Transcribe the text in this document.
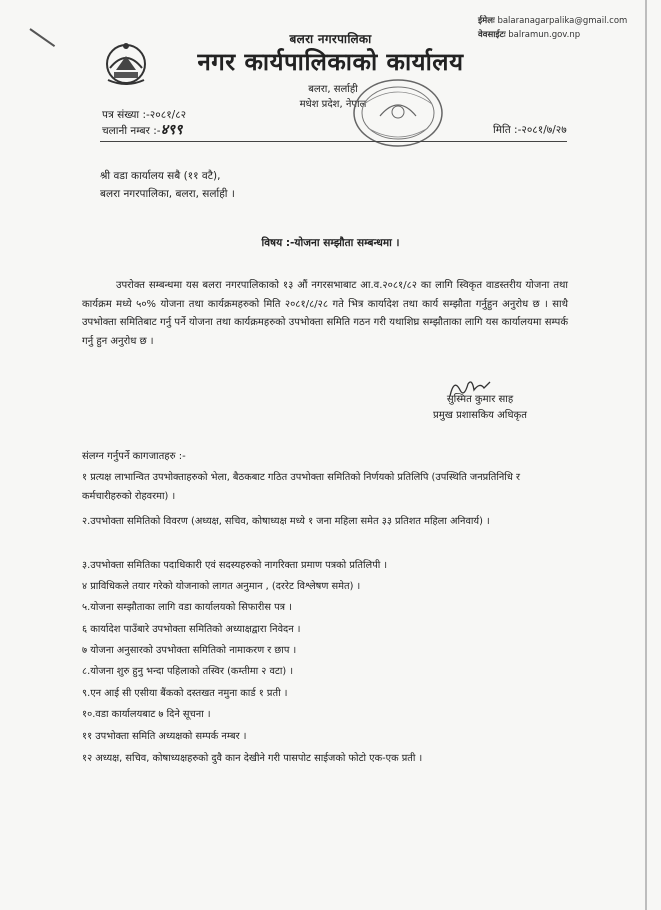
ईमेलः balaranagarpalika@gmail.com
वेवसाईटः balramun.gov.np
बलरा नगरपालिका
नगर कार्यपालिकाको कार्यालय
बलरा, सर्लाही
मधेश प्रदेश, नेपाल
पत्र संख्या :-२०८१/८२
चलानी नम्बर :-४९९	मिति :-२०८१/७/२७
श्री वडा कार्यालय सबै (११ वटै),
बलरा नगरपालिका, बलरा, सर्लाही ।
विषय :-योजना सम्झौता सम्बन्धमा ।
उपरोक्त सम्बन्धमा यस बलरा नगरपालिकाको १३ औं नगरसभाबाट आ.व.२०८१/८२ का लागि स्विकृत वाडस्तरीय योजना तथा कार्यक्रम मध्ये ५०% योजना तथा कार्यक्रमहरुको मिति २०८१/८/२८ गते भित्र कार्यादेश तथा कार्य सम्झौता गर्नुहुन अनुरोध छ । साथै उपभोक्ता समितिबाट गर्नु पर्ने योजना तथा कार्यक्रमहरुको उपभोक्ता समिति गठन गरी यथाशिघ्र सम्झौताका लागि यस कार्यालयमा सम्पर्क गर्नु हुन अनुरोध छ ।
सुस्मित कुमार साह
प्रमुख प्रशासकिय अधिकृत
संलग्न गर्नुपर्ने कागजातहरु :-
१ प्रत्यक्ष लाभान्वित उपभोक्ताहरुको भेला, बैठकबाट गठित उपभोक्ता समितिको निर्णयको प्रतिलिपि (उपस्थिति जनप्रतिनिधि र कर्मचारीहरुको रोहवरमा) ।
२.उपभोक्ता समितिको विवरण (अध्यक्ष, सचिव, कोषाध्यक्ष मध्ये १ जना महिला समेत ३३ प्रतिशत महिला अनिवार्य) ।
३.उपभोक्ता समितिका पदाधिकारी एवं सदस्यहरुको नागरिक्ता प्रमाण पत्रको प्रतिलिपी ।
४ प्राविधिकले तयार गरेको योजनाको लागत अनुमान , (दररेट विश्लेषण समेत) ।
५.योजना सम्झौताका लागि वडा कार्यालयको सिफारीस पत्र ।
६ कार्यादेश पाउँबारे उपभोक्ता समितिको अध्याक्षद्वारा निवेदन ।
७ योजना अनुसारको उपभोक्ता समितिको नामाकरण र छाप ।
८.योजना शुरु हुनु भन्दा पहिलाको तस्विर (कम्तीमा २ वटा) ।
९.एन आई सी एसीया बैंकको दस्तखत नमुना कार्ड १ प्रती ।
१०.वडा कार्यालयबाट ७ दिने सूचना ।
११ उपभोक्ता समिति अध्यक्षको सम्पर्क नम्बर ।
१२ अध्यक्ष, सचिव, कोषाध्यक्षहरुको दुवै कान देखीने गरी पासपोट साईजको फोटो एक-एक प्रती ।
